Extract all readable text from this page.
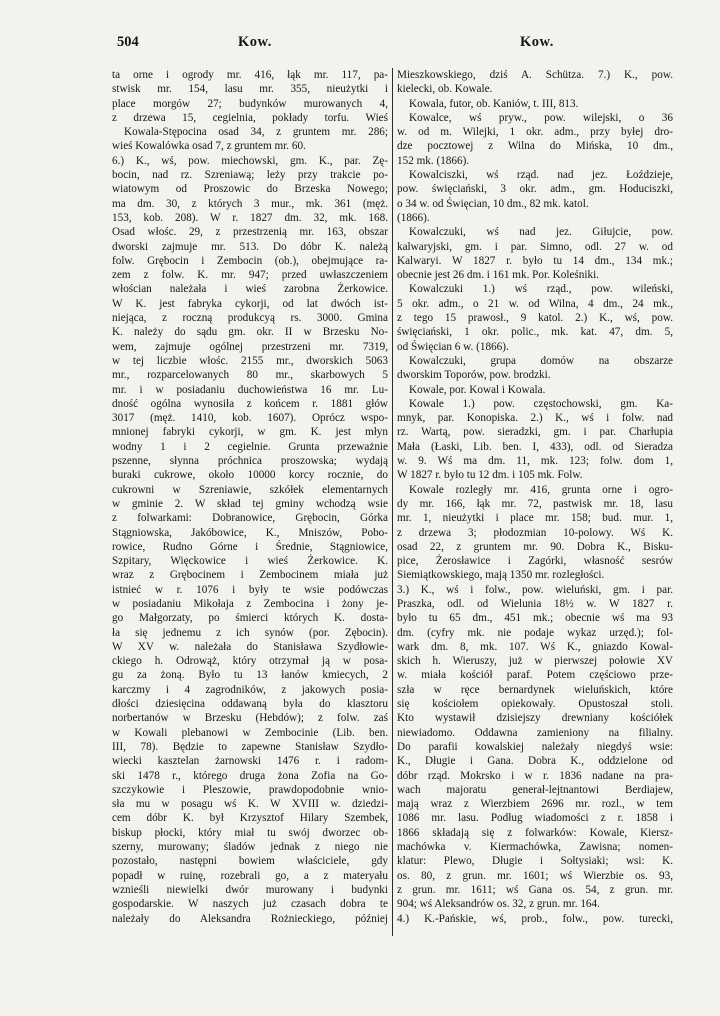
504	Kow.	Kow.
ta orne i ogrody mr. 416, łąk mr. 117, pa-
stwisk mr. 154, lasu mr. 355, nieużytki i
place morgów 27; budynków murowanych 4,
z drzewa 15, cegielnia, pokłady torfu. Wieś
Kowala-Stępocina osad 34, z gruntem mr. 286;
wieś Kowalówka osad 7, z gruntem mr. 60.
6.) K., wś, pow. miechowski, gm. K., par. Zę-
bocin, nad rz. Szreniawą; leży przy trakcie po-
wiatowym od Proszowic do Brzeska Nowego;
ma dm. 30, z których 3 mur., mk. 361 (męż.
153, kob. 208). W r. 1827 dm. 32, mk. 168.
Osad włośc. 29, z przestrzenią mr. 163, obszar
dworski zajmuje mr. 513. Do dóbr K. należą
folw. Grębocin i Zembocin (ob.), obejmujące ra-
zem z folw. K. mr. 947; przed uwłaszczeniem
włościan należała i wieś zarobna Żerkowice.
W K. jest fabryka cykorji, od lat dwóch ist-
niejąca, z roczną produkcyą rs. 3000. Gmina
K. należy do sądu gm. okr. II w Brzesku No-
wem, zajmuje ogólnej przestrzeni mr. 7319,
w tej liczbie włośc. 2155 mr., dworskich 5063
mr., rozparcelowanych 80 mr., skarbowych 5
mr. i w posiadaniu duchowieństwa 16 mr. Lu-
dność ogólna wynosiła z końcem r. 1881 głów
3017 (męż. 1410, kob. 1607). Oprócz wspo-
mnionej fabryki cykorji, w gm. K. jest młyn
wodny 1 i 2 cegielnie. Grunta przeważnie
pszenne, słynna próchnica proszowska; wydają
buraki cukrowe, około 10000 korcy rocznie, do
cukrowni w Szreniawie, szkółek elementarnych
w gminie 2. W skład tej gminy wchodzą wsie
z folwarkami: Dobranowice, Grębocin, Górka
Stągniowska, Jakóbowice, K., Mniszów, Pobo-
rowice, Rudno Górne i Średnie, Stągniowice,
Szpitary, Więckowice i wieś Żerkowice. K.
wraz z Grębocinem i Zembocinem miała już
istnieć w r. 1076 i były te wsie podówczas
w posiadaniu Mikołaja z Zembocina i żony je-
go Małgorzaty, po śmierci których K. dosta-
ła się jednemu z ich synów (por. Zębocin).
W XV w. należała do Stanisława Szydłowie-
ckiego h. Odrowąż, który otrzymał ją w posa-
gu za żoną. Było tu 13 łanów kmiecych, 2
karczmy i 4 zagrodników, z jakowych posia-
dłości dziesięcina oddawaną była do klasztoru
norbertanów w Brzesku (Hebdów); z folw. zaś
w Kowali plebanowi w Zembocinie (Lib. ben.
III, 78). Będzie to zapewne Stanisław Szydło-
wiecki kasztelan żarnowski 1476 r. i radom-
ski 1478 r., którego druga żona Zofia na Go-
szczykowie i Pleszowie, prawdopodobnie wnio-
sła mu w posagu wś K. W XVIII w. dziedzi-
cem dóbr K. był Krzysztof Hilary Szembek,
biskup płocki, który miał tu swój dworzec ob-
szerny, murowany; śladów jednak z niego nie
pozostało, następni bowiem właściciele, gdy
popadł w ruinę, rozebrali go, a z materyału
wznieśli niewielki dwór murowany i budynki
gospodarskie. W naszych już czasach dobra te
należały do Aleksandra Rożnieckiego, później
Mieszkowskiego, dziś A. Schütza. 7.) K., pow.
kielecki, ob. Kowale.
Kowala, futor, ob. Kaniów, t. III, 813.
Kowalce, wś pryw., pow. wilejski, o 36
w. od m. Wilejki, 1 okr. adm., przy byłej dro-
dze pocztowej z Wilna do Mińska, 10 dm.,
152 mk. (1866).
Kowalciszki, wś rząd. nad jez. Łoździeje,
pow. święciański, 3 okr. adm., gm. Hoduciszki,
o 34 w. od Święcian, 10 dm., 82 mk. katol.
(1866).
Kowalczuki, wś nad jez. Giłujcie, pow.
kalwaryjski, gm. i par. Simno, odl. 27 w. od
Kalwaryi. W 1827 r. było tu 14 dm., 134 mk.;
obecnie jest 26 dm. i 161 mk. Por. Koleśniki.
Kowalczuki 1.) wś rząd., pow. wileński,
5 okr. adm., o 21 w. od Wilna, 4 dm., 24 mk.,
z tego 15 prawosł., 9 katol. 2.) K., wś, pow.
święciański, 1 okr. polic., mk. kat. 47, dm. 5,
od Święcian 6 w. (1866).
Kowalczuki, grupa domów na obszarze
dworskim Toporów, pow. brodzki.
Kowale, por. Kowal i Kowala.
Kowale 1.) pow. częstochowski, gm. Ka-
mnyk, par. Konopiska. 2.) K., wś i folw. nad
rz. Wartą, pow. sieradzki, gm. i par. Charłupia
Mała (Łaski, Lib. ben. I, 433), odl. od Sieradza
w. 9. Wś ma dm. 11, mk. 123; folw. dom 1,
W 1827 r. było tu 12 dm. i 105 mk. Folw.
Kowale rozległy mr. 416, grunta orne i ogro-
dy mr. 166, łąk mr. 72, pastwisk mr. 18, lasu
mr. 1, nieużytki i place mr. 158; bud. mur. 1,
z drzewa 3; płodozmian 10-polowy. Wś K.
osad 22, z gruntem mr. 90. Dobra K., Bisku-
pice, Żerosławice i Zagórki, własność sesrów
Siemiątkowskiego, mają 1350 mr. rozległości.
3.) K., wś i folw., pow. wieluński, gm. i par.
Praszka, odl. od Wielunia 18½ w. W 1827 r.
było tu 65 dm., 451 mk.; obecnie wś ma 93
dm. (cyfry mk. nie podaje wykaz urzęd.); fol-
wark dm. 8, mk. 107. Wś K., gniazdo Kowal-
skich h. Wieruszy, już w pierwszej połowie XV
w. miała kościół paraf. Potem częściowo prze-
szła w ręce bernardynek wieluńskich, które
się kościołem opiekowały. Opustoszał stoli.
Kto wystawił dzisiejszy drewniany kościółek
niewiadomo. Oddawna zamieniony na filialny.
Do parafii kowalskiej należały niegdyś wsie:
K., Długie i Gana. Dobra K., oddzielone od
dóbr rząd. Mokrsko i w r. 1836 nadane na pra-
wach majoratu generał-lejtnantowi Berdiajew,
mają wraz z Wierzbiem 2696 mr. rozl., w tem
1086 mr. lasu. Podług wiadomości z r. 1858 i
1866 składają się z folwarków: Kowale, Kiersz-
machówka v. Kiermachówka, Zawisna; nomen-
klatur: Plewo, Długie i Sołtysiaki; wsi: K.
os. 80, z grun. mr. 1601; wś Wierzbie os. 93,
z grun. mr. 1611; wś Gana os. 54, z grun. mr.
904; wś Aleksandrów os. 32, z grun. mr. 164.
4.) K.-Pańskie, wś, prob., folw., pow. turecki,
